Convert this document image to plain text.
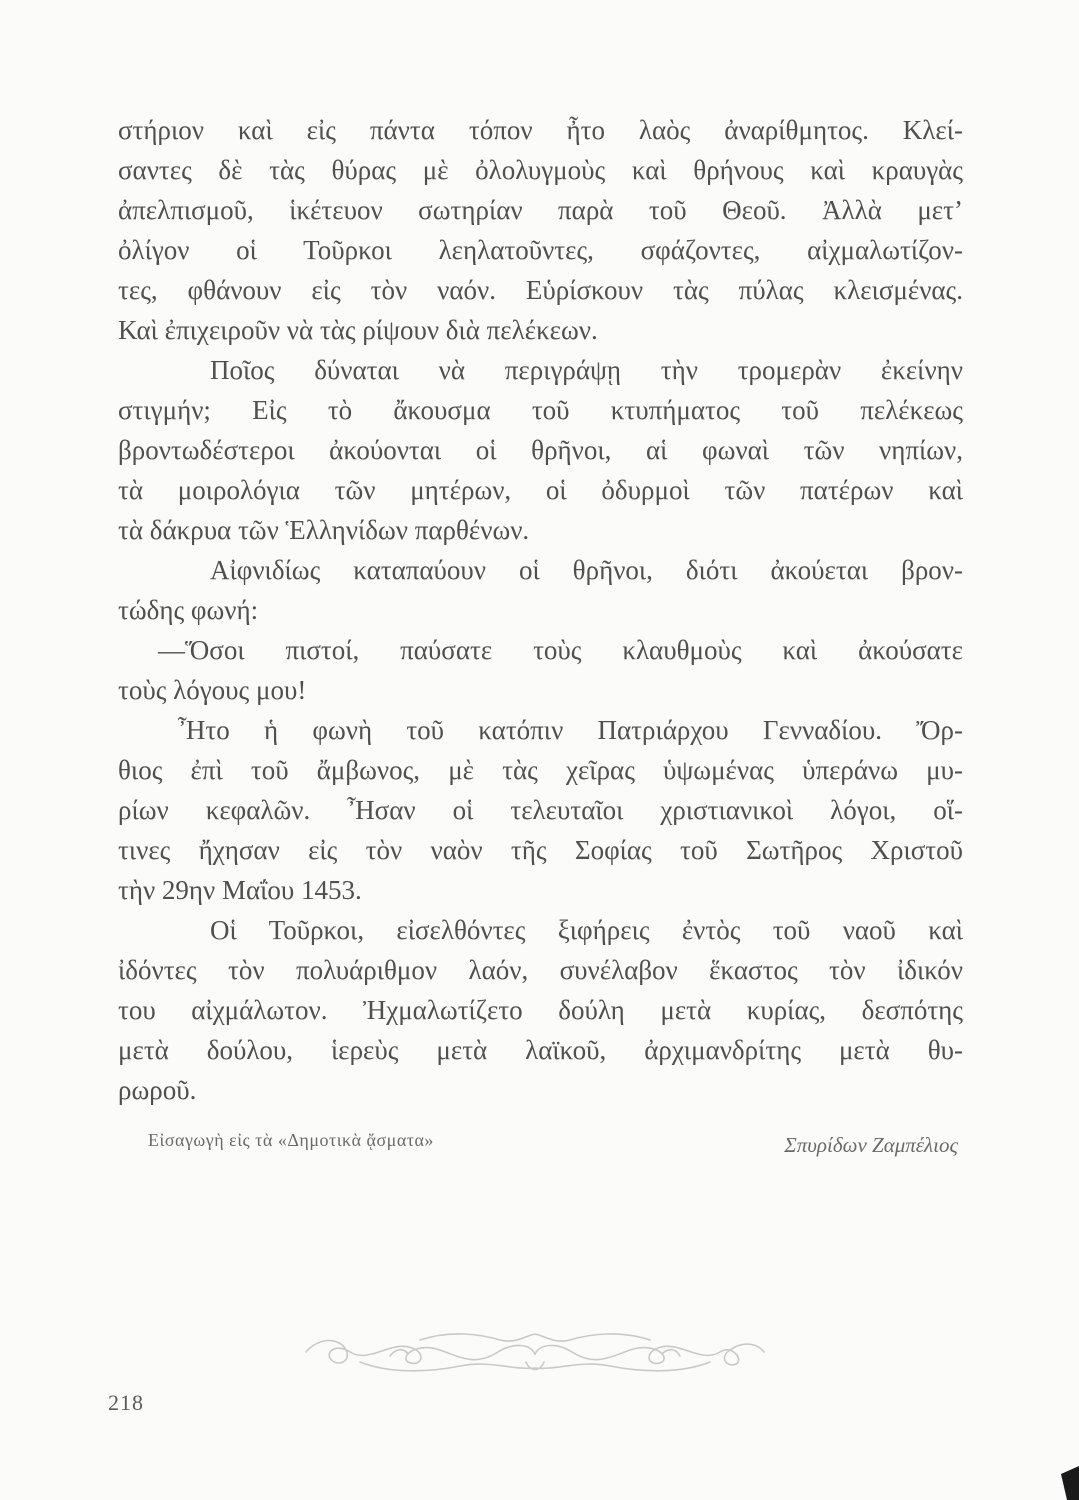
στήριον καὶ εἰς πάντα τόπον ἦτο λαὸς ἀναρίθμητος. Κλεί-
σαντες δὲ τὰς θύρας μὲ ὀλολυγμοὺς καὶ θρήνους καὶ κραυγὰς
ἀπελπισμοῦ, ἱκέτευον σωτηρίαν παρὰ τοῦ Θεοῦ. Ἀλλὰ μετ’
ὀλίγον οἱ Τοῦρκοι λεηλατοῦντες, σφάζοντες, αἰχμαλωτίζον-
τες, φθάνουν εἰς τὸν ναόν. Εὑρίσκουν τὰς πύλας κλεισμένας.
Καὶ ἐπιχειροῦν νὰ τὰς ρίψουν διὰ πελέκεων.
Ποῖος δύναται νὰ περιγράψῃ τὴν τρομερὰν ἐκείνην
στιγμήν; Εἰς τὸ ἄκουσμα τοῦ κτυπήματος τοῦ πελέκεως
βροντωδέστεροι ἀκούονται οἱ θρῆνοι, αἱ φωναὶ τῶν νηπίων,
τὰ μοιρολόγια τῶν μητέρων, οἱ ὀδυρμοὶ τῶν πατέρων καὶ
τὰ δάκρυα τῶν Ἑλληνίδων παρθένων.
Αἰφνιδίως καταπαύουν οἱ θρῆνοι, διότι ἀκούεται βρον-
τώδης φωνή:
—Ὅσοι πιστοί, παύσατε τοὺς κλαυθμοὺς καὶ ἀκούσατε
τοὺς λόγους μου!
Ἦτο ἡ φωνὴ τοῦ κατόπιν Πατριάρχου Γενναδίου. Ὄρ-
θιος ἐπὶ τοῦ ἄμβωνος, μὲ τὰς χεῖρας ὑψωμένας ὑπεράνω μυ-
ρίων κεφαλῶν. Ἦσαν οἱ τελευταῖοι χριστιανικοὶ λόγοι, οἵ-
τινες ἤχησαν εἰς τὸν ναὸν τῆς Σοφίας τοῦ Σωτῆρος Χριστοῦ
τὴν 29ην Μαΐου 1453.
Οἱ Τοῦρκοι, εἰσελθόντες ξιφήρεις ἐντὸς τοῦ ναοῦ καὶ
ἰδόντες τὸν πολυάριθμον λαόν, συνέλαβον ἕκαστος τὸν ἰδικόν
του αἰχμάλωτον. Ἠχμαλωτίζετο δούλη μετὰ κυρίας, δεσπότης
μετὰ δούλου, ἱερεὺς μετὰ λαϊκοῦ, ἀρχιμανδρίτης μετὰ θυ-
ρωροῦ.
Εἰσαγωγὴ εἰς τὰ «Δημοτικὰ ᾄσματα»	Σπυρίδων Ζαμπέλιος
218
